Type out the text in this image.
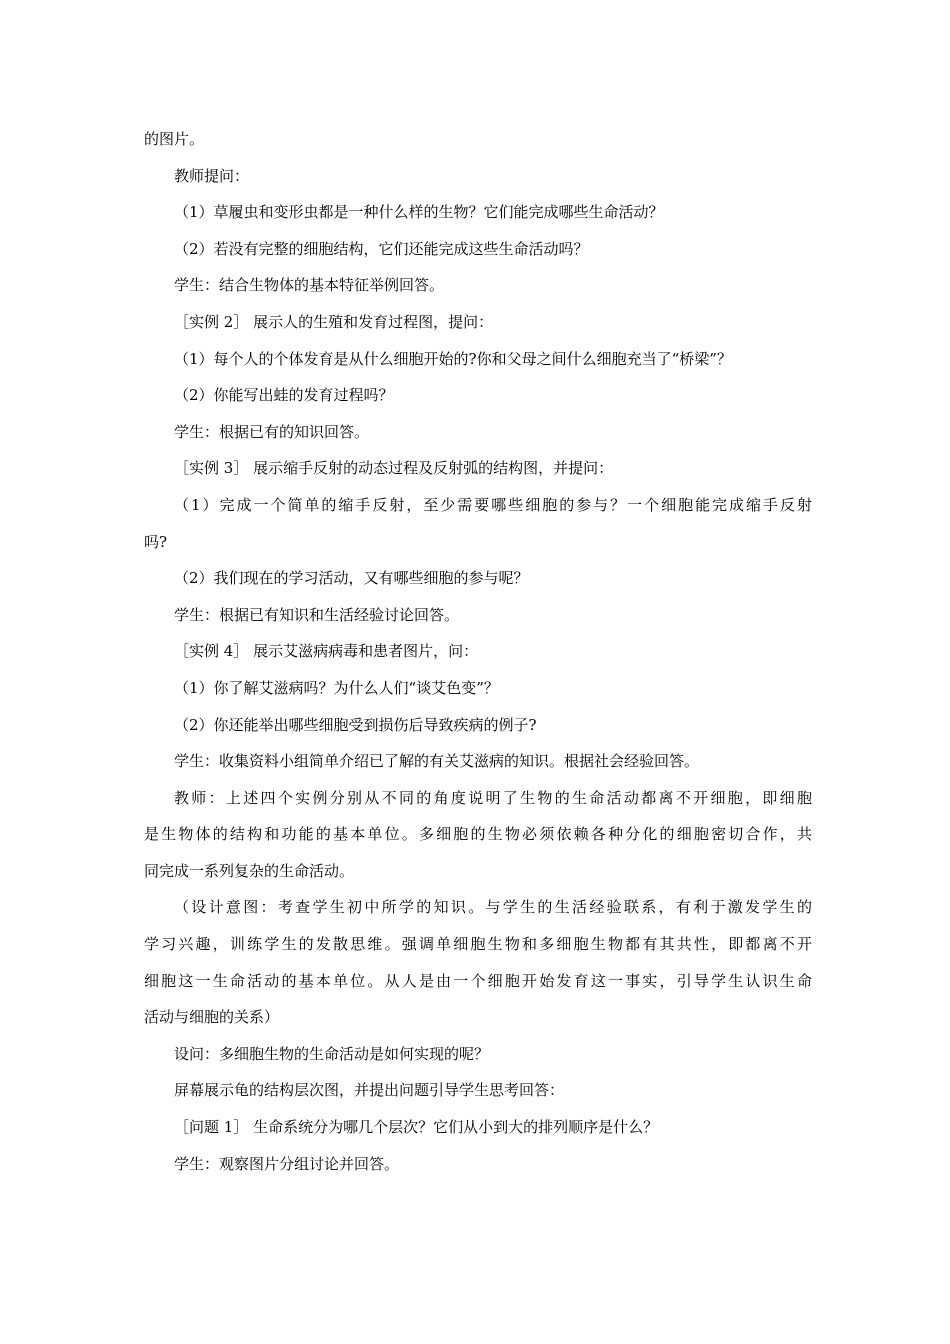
的图片。
教师提问：
（1）草履虫和变形虫都是一种什么样的生物？它们能完成哪些生命活动？
（2）若没有完整的细胞结构，它们还能完成这些生命活动吗？
学生：结合生物体的基本特征举例回答。
［实例 2］ 展示人的生殖和发育过程图，提问：
（1）每个人的个体发育是从什么细胞开始的?你和父母之间什么细胞充当了“桥梁”？
（2）你能写出蛙的发育过程吗？
学生：根据已有的知识回答。
［实例 3］ 展示缩手反射的动态过程及反射弧的结构图，并提问：
（1）完成一个简单的缩手反射，至少需要哪些细胞的参与？一个细胞能完成缩手反射
吗?
（2）我们现在的学习活动，又有哪些细胞的参与呢？
学生：根据已有知识和生活经验讨论回答。
［实例 4］ 展示艾滋病病毒和患者图片，问：
（1）你了解艾滋病吗？为什么人们“谈艾色变”？
（2）你还能举出哪些细胞受到损伤后导致疾病的例子?
学生：收集资料小组简单介绍已了解的有关艾滋病的知识。根据社会经验回答。
教师：上述四个实例分别从不同的角度说明了生物的生命活动都离不开细胞，即细胞
是生物体的结构和功能的基本单位。多细胞的生物必须依赖各种分化的细胞密切合作，共
同完成一系列复杂的生命活动。
（设计意图：考查学生初中所学的知识。与学生的生活经验联系，有利于激发学生的
学习兴趣，训练学生的发散思维。强调单细胞生物和多细胞生物都有其共性，即都离不开
细胞这一生命活动的基本单位。从人是由一个细胞开始发育这一事实，引导学生认识生命
活动与细胞的关系）
设问：多细胞生物的生命活动是如何实现的呢？
屏幕展示龟的结构层次图，并提出问题引导学生思考回答：
［问题 1］ 生命系统分为哪几个层次？它们从小到大的排列顺序是什么？
学生：观察图片分组讨论并回答。
